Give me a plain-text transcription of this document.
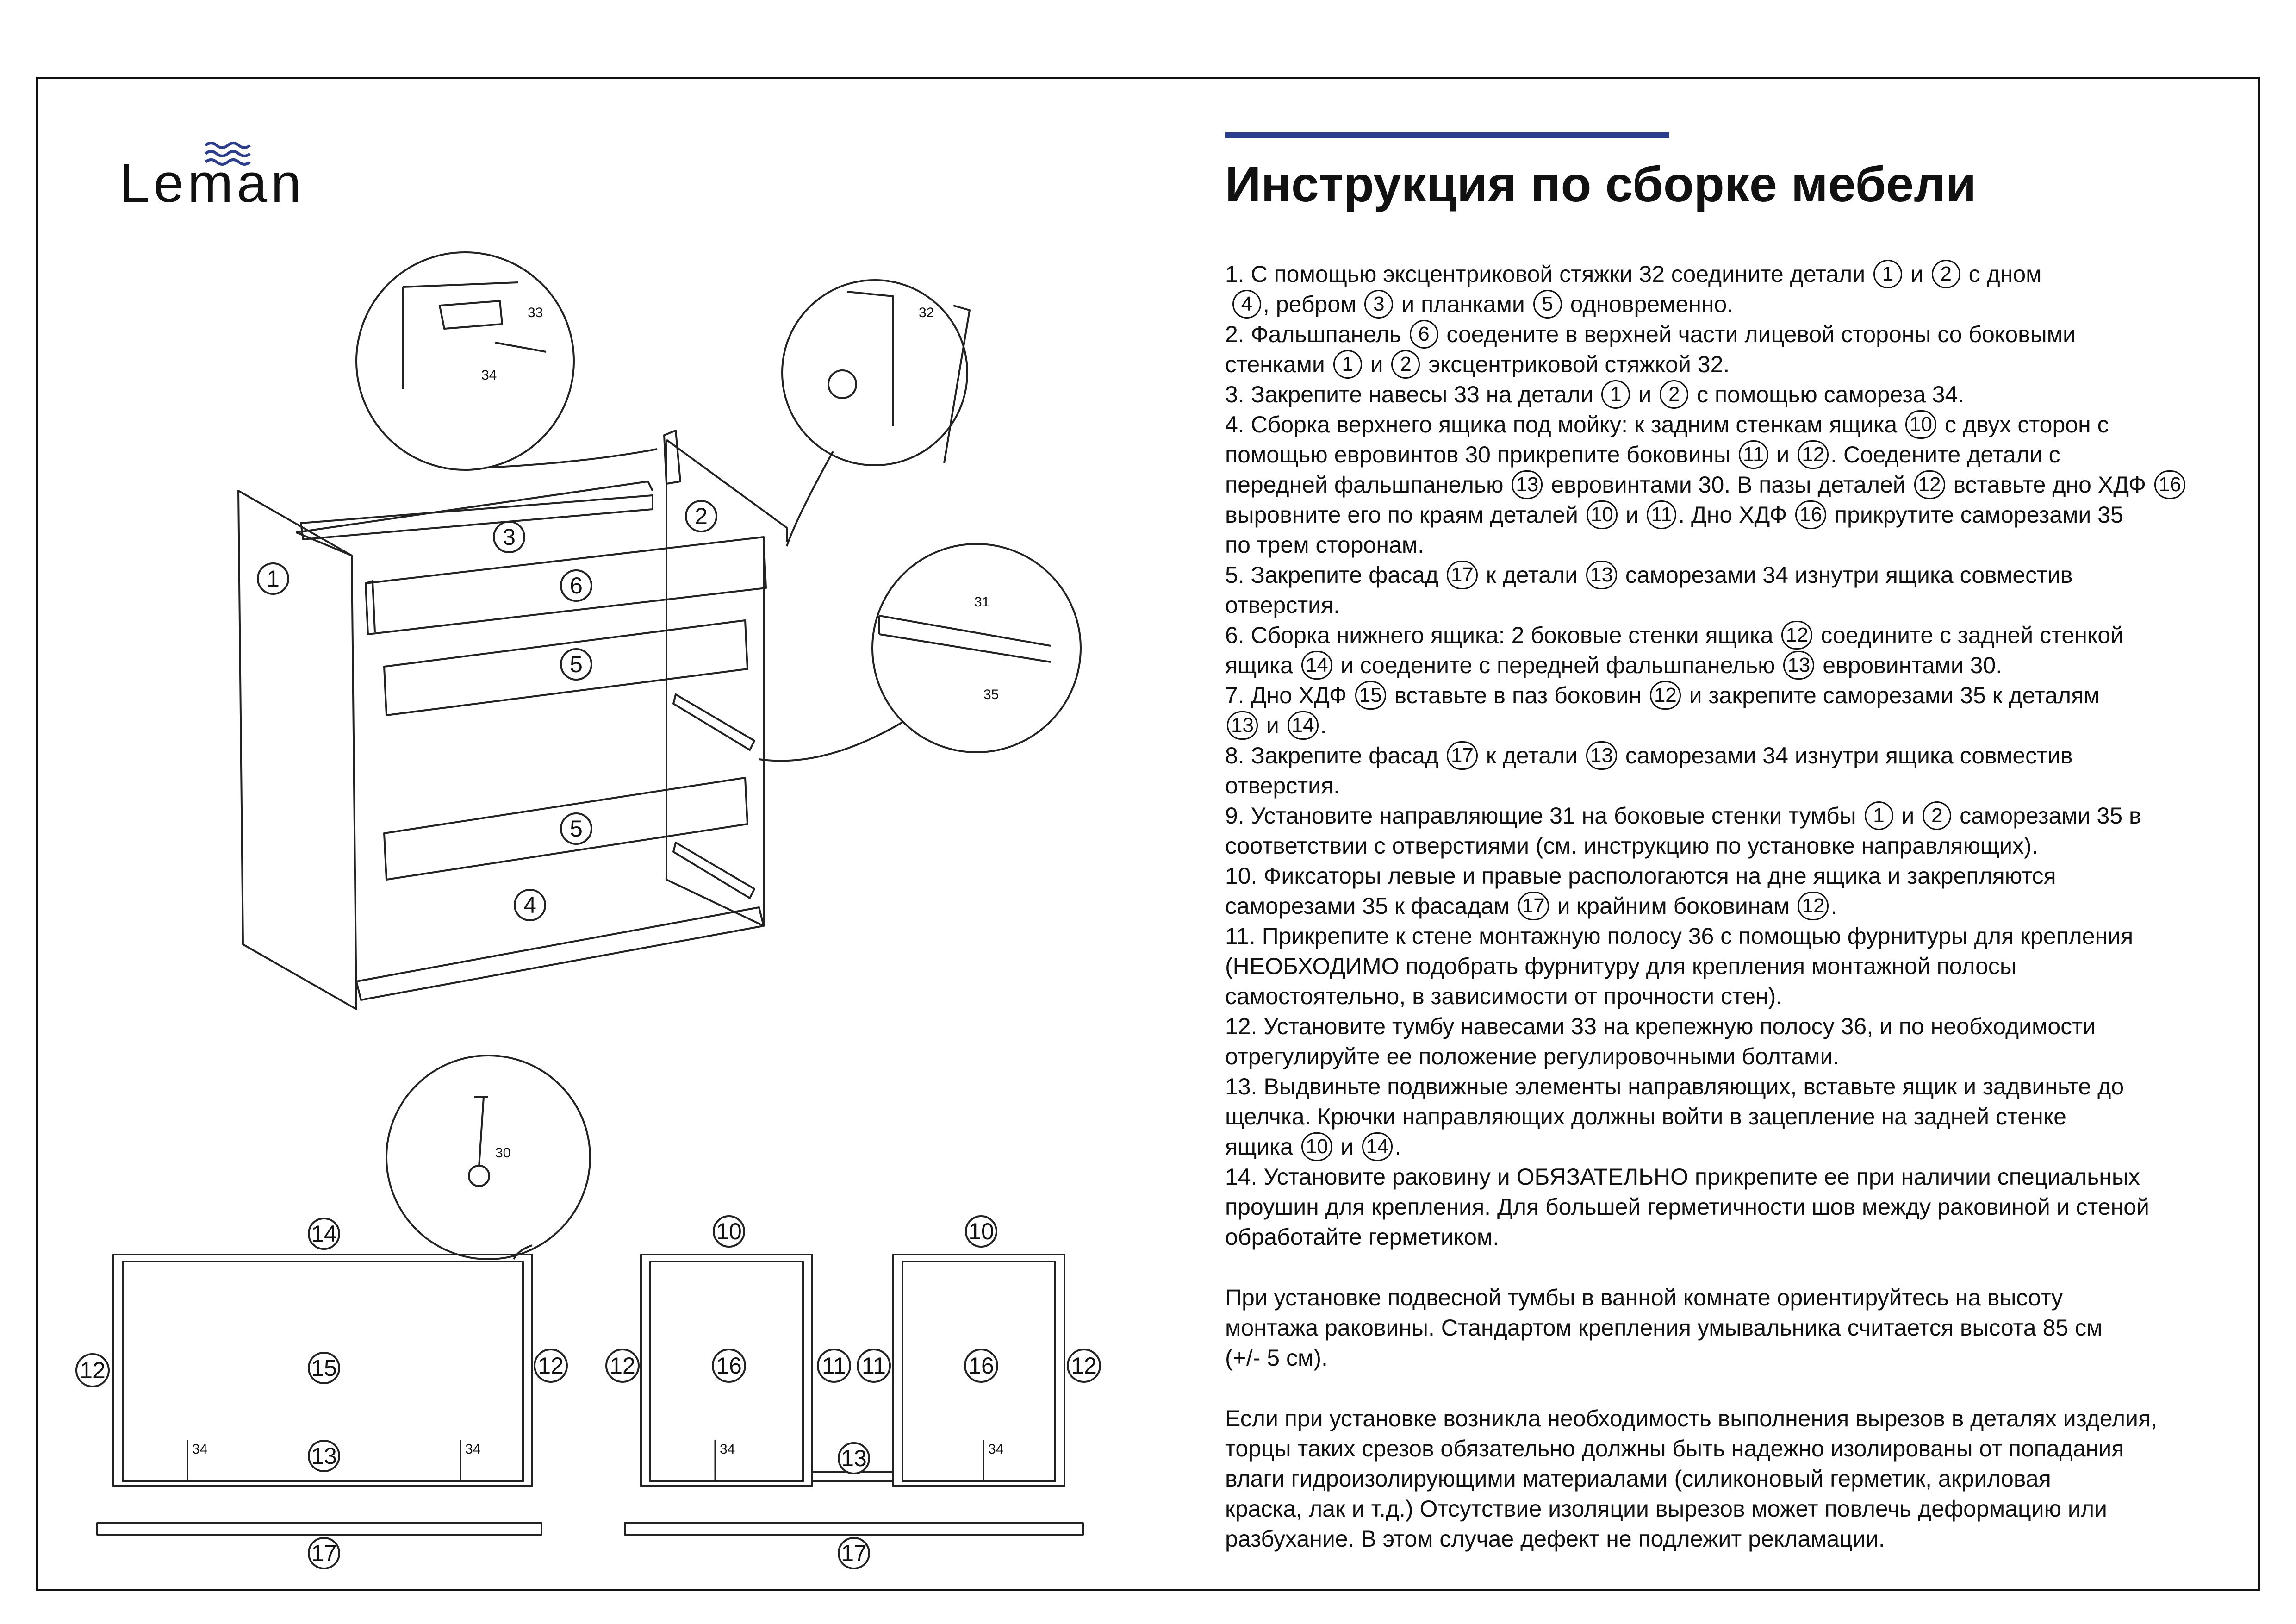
Leman	Инструкция по сборке мебели
1. С помощью эксцентриковой стяжки 32 соедините детали 1 и 2 с дном
4 , ребром 3 и планками 5 одновременно.
2. Фальшпанель 6 соедените в верхней части лицевой стороны со боковыми
стенками 1 и 2 эксцентриковой стяжкой 32.
3. Закрепите навесы 33 на детали 1 и 2 с помощью самореза 34.
4. Сборка верхнего ящика под мойку: к задним стенкам ящика 10 с двух сторон с
помощью евровинтов 30 прикрепите боковины 11 и 12 . Соедените детали с
передней фальшпанелью 13 евровинтами 30. В пазы деталей 12 вставьте дно ХДФ 16
выровните его по краям деталей 10 и 11 . Дно ХДФ 16 прикрутите саморезами 35
по трем сторонам.
5. Закрепите фасад 17 к детали 13 саморезами 34 изнутри ящика совместив
отверстия.
6. Сборка нижнего ящика: 2 боковые стенки ящика 12 соедините с задней стенкой
ящика 14 и соедените с передней фальшпанелью 13 евровинтами 30.
7. Дно ХДФ 15 вставьте в паз боковин 12 и закрепите саморезами 35 к деталям
13 и 14 .
8. Закрепите фасад 17 к детали 13 саморезами 34 изнутри ящика совместив
отверстия.
9. Установите направляющие 31 на боковые стенки тумбы 1 и 2 саморезами 35 в
соответствии с отверстиями (см. инструкцию по установке направляющих).
10. Фиксаторы левые и правые распологаются на дне ящика и закрепляются
саморезами 35 к фасадам 17 и крайним боковинам 12 .
11. Прикрепите к стене монтажную полосу 36 с помощью фурнитуры для крепления
(НЕОБХОДИМО подобрать фурнитуру для крепления монтажной полосы
самостоятельно, в зависимости от прочности стен).
12. Установите тумбу навесами 33 на крепежную полосу 36, и по необходимости
отрегулируйте ее положение регулировочными болтами.
13. Выдвиньте подвижные элементы направляющих, вставьте ящик и задвиньте до
щелчка. Крючки направляющих должны войти в зацепление на задней стенке
ящика 10 и 14 .
14. Установите раковину и ОБЯЗАТЕЛЬНО прикрепите ее при наличии специальных
проушин для крепления. Для большей герметичности шов между раковиной и стеной
обработайте герметиком.
При установке подвесной тумбы в ванной комнате ориентируйтесь на высоту
монтажа раковины. Стандартом крепления умывальника считается высота 85 см
(+/- 5 см).
Если при установке возникла необходимость выполнения вырезов в деталях изделия,
торцы таких срезов обязательно должны быть надежно изолированы от попадания
влаги гидроизолирующими материалами (силиконовый герметик, акриловая
краска, лак и т.д.) Отсутствие изоляции вырезов может повлечь деформацию или
разбухание. В этом случае дефект не подлежит рекламации.
1
2
3
6
5
5
4
14
15
13
17
12	12
10	10
12	16	11 11	16	12
13
17
33
34
32
31
35
30
34	34	34	34
